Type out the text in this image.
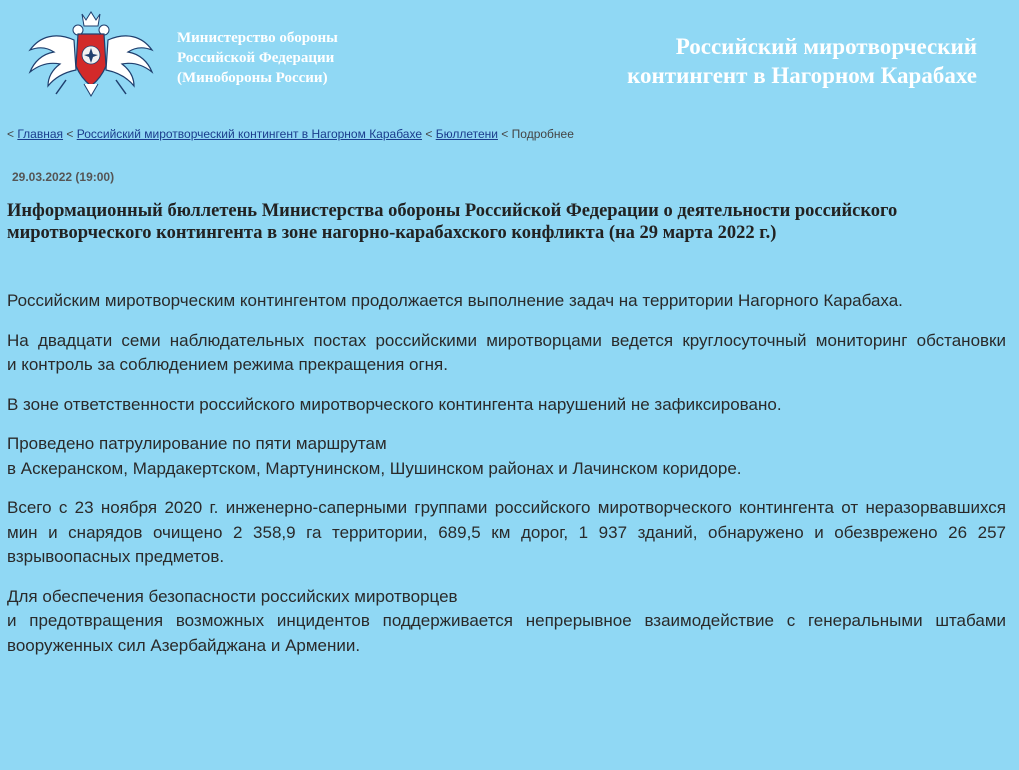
Министерство обороны
Российской Федерации
(Минобороны России)
Российский миротворческий
контингент в Нагорном Карабахе
< Главная < Российский миротворческий контингент в Нагорном Карабахе < Бюллетени < Подробнее
29.03.2022 (19:00)
Информационный бюллетень Министерства обороны Российской Федерации о деятельности российского миротворческого контингента в зоне нагорно-карабахского конфликта (на 29 марта 2022 г.)

Российским миротворческим контингентом продолжается выполнение задач на территории Нагорного Карабаха.

На двадцати семи наблюдательных постах российскими миротворцами ведется круглосуточный мониторинг обстановки
и контроль за соблюдением режима прекращения огня.

В зоне ответственности российского миротворческого контингента нарушений не зафиксировано.

Проведено патрулирование по пяти маршрутам
в Аскеранском, Мардакертском, Мартунинском, Шушинском районах и Лачинском коридоре.

Всего с 23 ноября 2020 г. инженерно-саперными группами российского миротворческого контингента от неразорвавшихся мин и снарядов очищено 2 358,9 га территории, 689,5 км дорог, 1 937 зданий, обнаружено и обезврежено 26 257 взрывоопасных предметов.

Для обеспечения безопасности российских миротворцев
и предотвращения возможных инцидентов поддерживается непрерывное взаимодействие с генеральными штабами вооруженных сил Азербайджана и Армении.
